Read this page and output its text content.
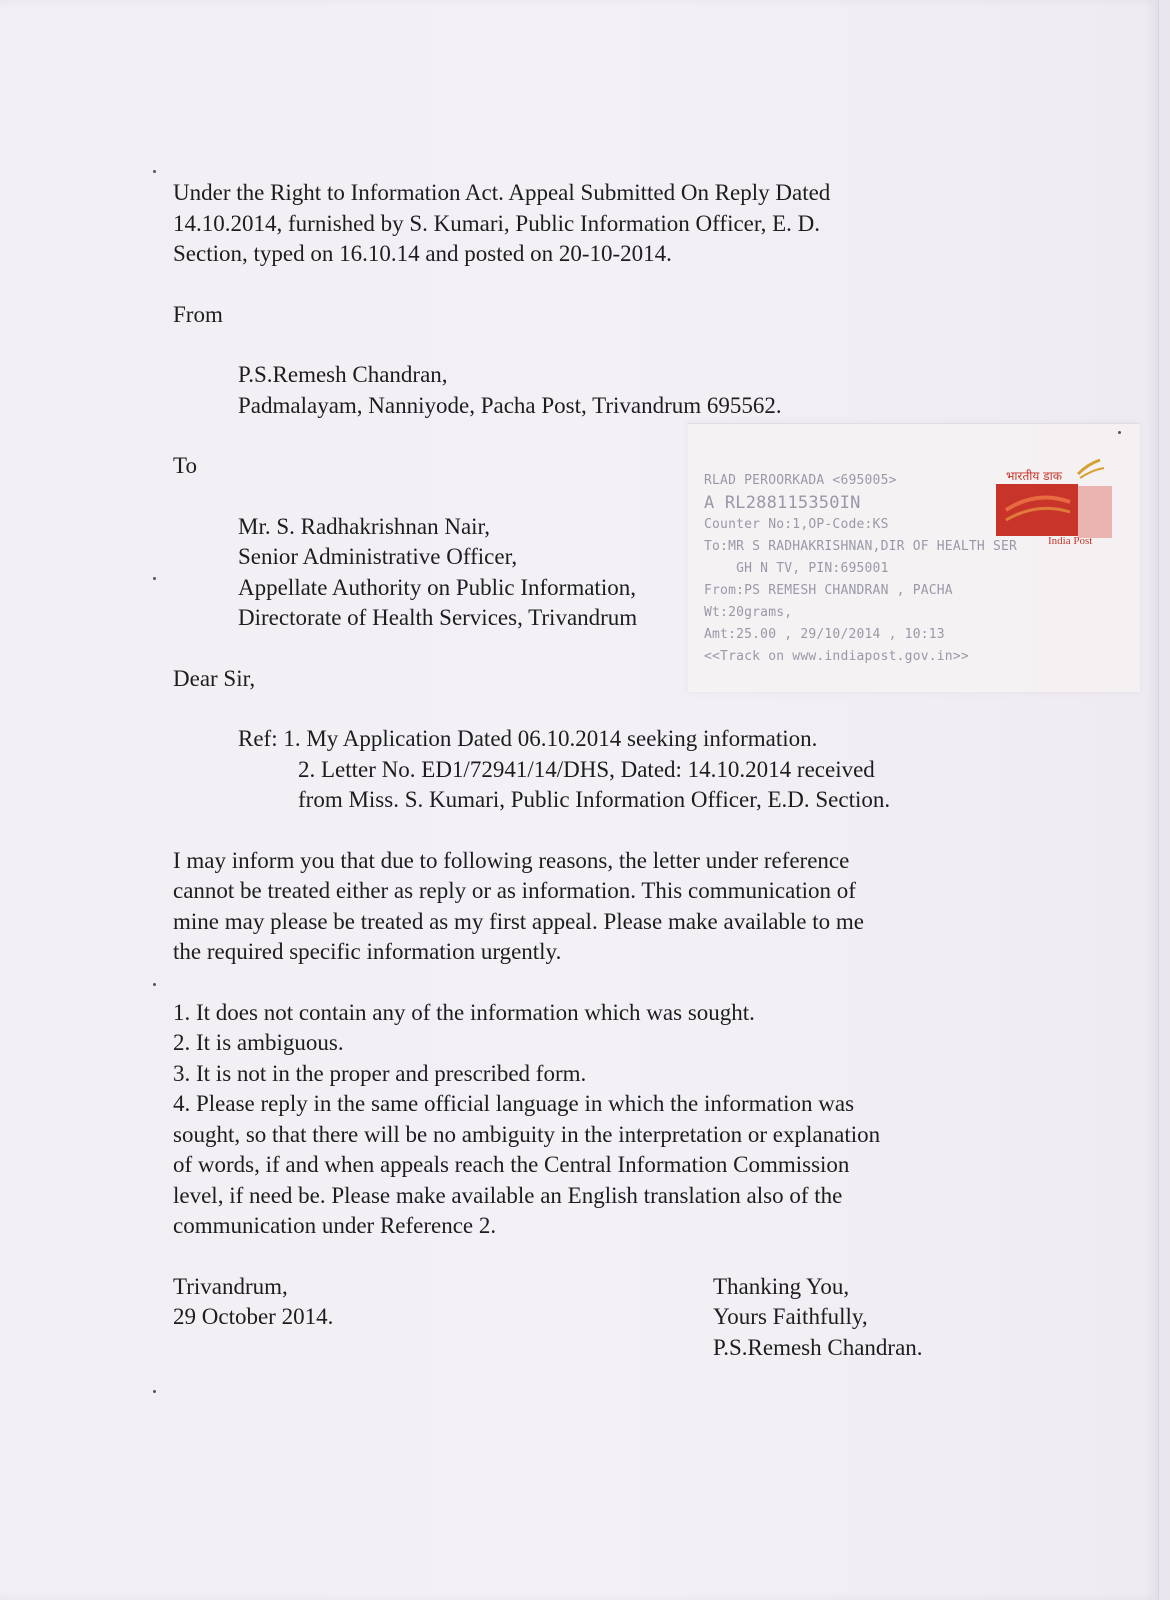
Under the Right to Information Act. Appeal Submitted On Reply Dated
14.10.2014, furnished by S. Kumari, Public Information Officer, E. D.
Section, typed on 16.10.14 and posted on 20-10-2014.
From
P.S.Remesh Chandran,
Padmalayam, Nanniyode, Pacha Post, Trivandrum 695562.
To
Mr. S. Radhakrishnan Nair,
Senior Administrative Officer,
Appellate Authority on Public Information,
Directorate of Health Services, Trivandrum
Dear Sir,
Ref: 1. My Application Dated 06.10.2014 seeking information.
2. Letter No. ED1/72941/14/DHS, Dated: 14.10.2014 received
from Miss. S. Kumari, Public Information Officer, E.D. Section.
I may inform you that due to following reasons, the letter under reference
cannot be treated either as reply or as information. This communication of
mine may please be treated as my first appeal. Please make available to me
the required specific information urgently.
1. It does not contain any of the information which was sought.
2. It is ambiguous.
3. It is not in the proper and prescribed form.
4. Please reply in the same official language in which the information was
sought, so that there will be no ambiguity in the interpretation or explanation
of words, if and when appeals reach the Central Information Commission
level, if need be. Please make available an English translation also of the
communication under Reference 2.
Trivandrum,
29 October 2014.
Thanking You,
Yours Faithfully,
P.S.Remesh Chandran.
RLAD PEROORKADA <695005>
A RL288115350IN
Counter No:1,OP-Code:KS
To:MR S RADHAKRISHNAN,DIR OF HEALTH SER
GH N TV, PIN:695001
From:PS REMESH CHANDRAN , PACHA
Wt:20grams,
Amt:25.00 , 29/10/2014 , 10:13
<<Track on www.indiapost.gov.in>>
भारतीय डाक
India Post
